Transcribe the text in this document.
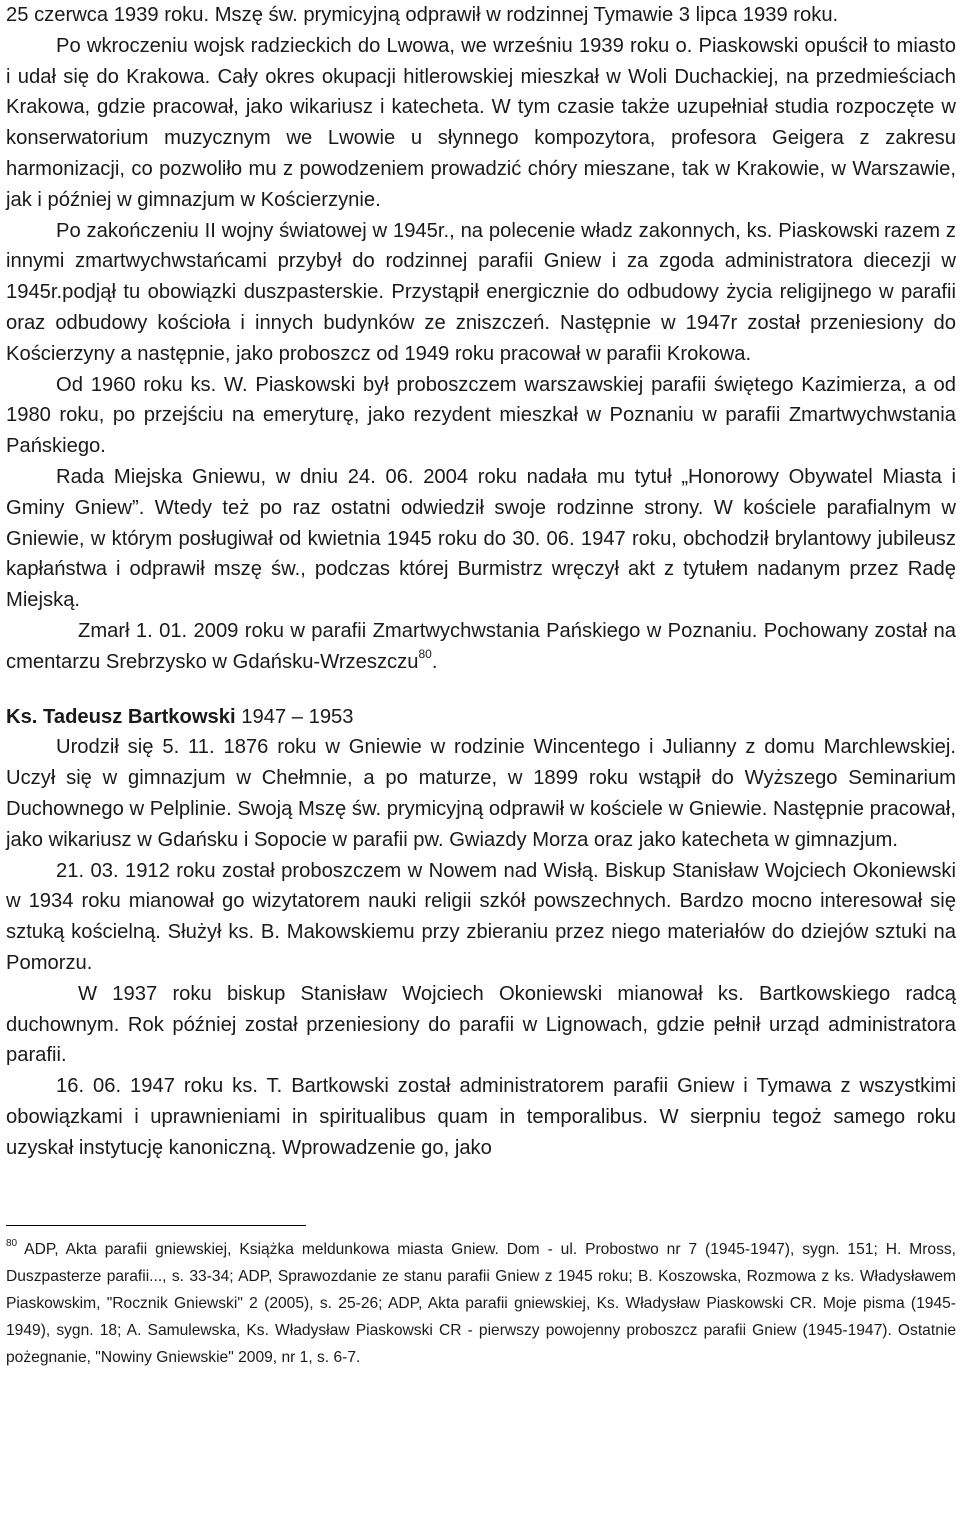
25 czerwca 1939 roku. Mszę św. prymicyjną odprawił w rodzinnej Tymawie 3 lipca 1939 roku.

Po wkroczeniu wojsk radzieckich do Lwowa, we wrześniu 1939 roku o. Piaskowski opuścił to miasto i udał się do Krakowa. Cały okres okupacji hitlerowskiej mieszkał w Woli Duchackiej, na przedmieściach Krakowa, gdzie pracował, jako wikariusz i katecheta. W tym czasie także uzupełniał studia rozpoczęte w konserwatorium muzycznym we Lwowie u słynnego kompozytora, profesora Geigera z zakresu harmonizacji, co pozwoliło mu z powodzeniem prowadzić chóry mieszane, tak w Krakowie, w Warszawie, jak i później w gimnazjum w Kościerzynie.

Po zakończeniu II wojny światowej w 1945r., na polecenie władz zakonnych, ks. Piaskowski razem z innymi zmartwychwstańcami przybył do rodzinnej parafii Gniew i za zgoda administratora diecezji w 1945r.podjął tu obowiązki duszpasterskie. Przystąpił energicznie do odbudowy życia religijnego w parafii oraz odbudowy kościoła i innych budynków ze zniszczeń. Następnie w 1947r został przeniesiony do Kościerzyny a następnie, jako proboszcz od 1949 roku pracował w parafii Krokowa.

Od 1960 roku ks. W. Piaskowski był proboszczem warszawskiej parafii świętego Kazimierza, a od 1980 roku, po przejściu na emeryturę, jako rezydent mieszkał w Poznaniu w parafii Zmartwychwstania Pańskiego.

Rada Miejska Gniewu, w dniu 24. 06. 2004 roku nadała mu tytuł „Honorowy Obywatel Miasta i Gminy Gniew”. Wtedy też po raz ostatni odwiedził swoje rodzinne strony. W kościele parafialnym w Gniewie, w którym posługiwał od kwietnia 1945 roku do 30. 06. 1947 roku, obchodził brylantowy jubileusz kapłaństwa i odprawił mszę św., podczas której Burmistrz wręczył akt z tytułem nadanym przez Radę Miejską.

Zmarł 1. 01. 2009 roku w parafii Zmartwychwstania Pańskiego w Poznaniu. Pochowany został na cmentarzu Srebrzysko w Gdańsku-Wrzeszczu$^{80}$.

Ks. Tadeusz Bartkowski 1947 – 1953

Urodził się 5. 11. 1876 roku w Gniewie w rodzinie Wincentego i Julianny z domu Marchlewskiej. Uczył się w gimnazjum w Chełmnie, a po maturze, w 1899 roku wstąpił do Wyższego Seminarium Duchownego w Pelplinie. Swoją Mszę św. prymicyjną odprawił w kościele w Gniewie. Następnie pracował, jako wikariusz w Gdańsku i Sopocie w parafii pw. Gwiazdy Morza oraz jako katecheta w gimnazjum.

21. 03. 1912 roku został proboszczem w Nowem nad Wisłą. Biskup Stanisław Wojciech Okoniewski w 1934 roku mianował go wizytatorem nauki religii szkół powszechnych. Bardzo mocno interesował się sztuką kościelną. Służył ks. B. Makowskiemu przy zbieraniu przez niego materiałów do dziejów sztuki na Pomorzu.

W 1937 roku biskup Stanisław Wojciech Okoniewski mianował ks. Bartkowskiego radcą duchownym. Rok później został przeniesiony do parafii w Lignowach, gdzie pełnił urząd administratora parafii.

16. 06. 1947 roku ks. T. Bartkowski został administratorem parafii Gniew i Tymawa z wszystkimi obowiązkami i uprawnieniami in spiritualibus quam in temporalibus. W sierpniu tegoż samego roku uzyskał instytucję kanoniczną. Wprowadzenie go, jako

$^{80}$ ADP, Akta parafii gniewskiej, Książka meldunkowa miasta Gniew. Dom - ul. Probostwo nr 7 (1945-1947), sygn. 151; H. Mross, Duszpasterze parafii..., s. 33-34; ADP, Sprawozdanie ze stanu parafii Gniew z 1945 roku; B. Koszowska, Rozmowa z ks. Władysławem Piaskowskim, "Rocznik Gniewski" 2 (2005), s. 25-26; ADP, Akta parafii gniewskiej, Ks. Władysław Piaskowski CR. Moje pisma (1945-1949), sygn. 18; A. Samulewska, Ks. Władysław Piaskowski CR - pierwszy powojenny proboszcz parafii Gniew (1945-1947). Ostatnie pożegnanie, "Nowiny Gniewskie" 2009, nr 1, s. 6-7.
